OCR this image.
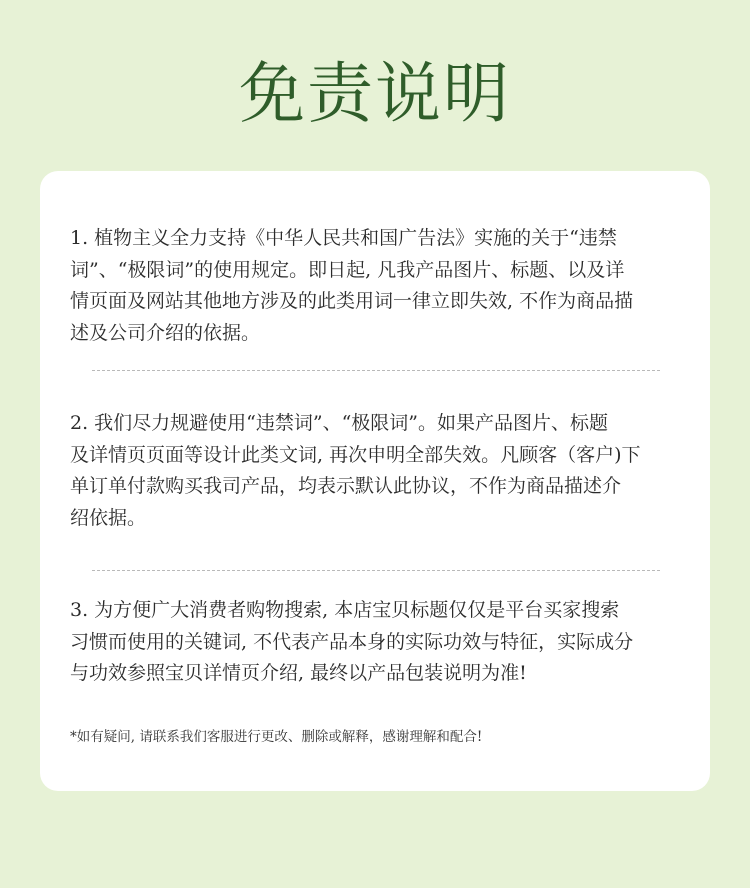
免责说明
1. 植物主义全力支持《中华人民共和国广告法》实施的关于“违禁
词”、“极限词”的使用规定。即日起, 凡我产品图片、标题、以及详
情页面及网站其他地方涉及的此类用词一律立即失效, 不作为商品描
述及公司介绍的依据。
2. 我们尽力规避使用“违禁词”、“极限词”。如果产品图片、标题
及详情页页面等设计此类文词, 再次申明全部失效。凡顾客（客户)下
单订单付款购买我司产品，均表示默认此协议，不作为商品描述介
绍依据。
3. 为方便广大消费者购物搜索, 本店宝贝标题仅仅是平台买家搜索
习惯而使用的关键词, 不代表产品本身的实际功效与特征，实际成分
与功效参照宝贝详情页介绍, 最终以产品包装说明为准!
*如有疑问, 请联系我们客服进行更改、删除或解释，感谢理解和配合!
